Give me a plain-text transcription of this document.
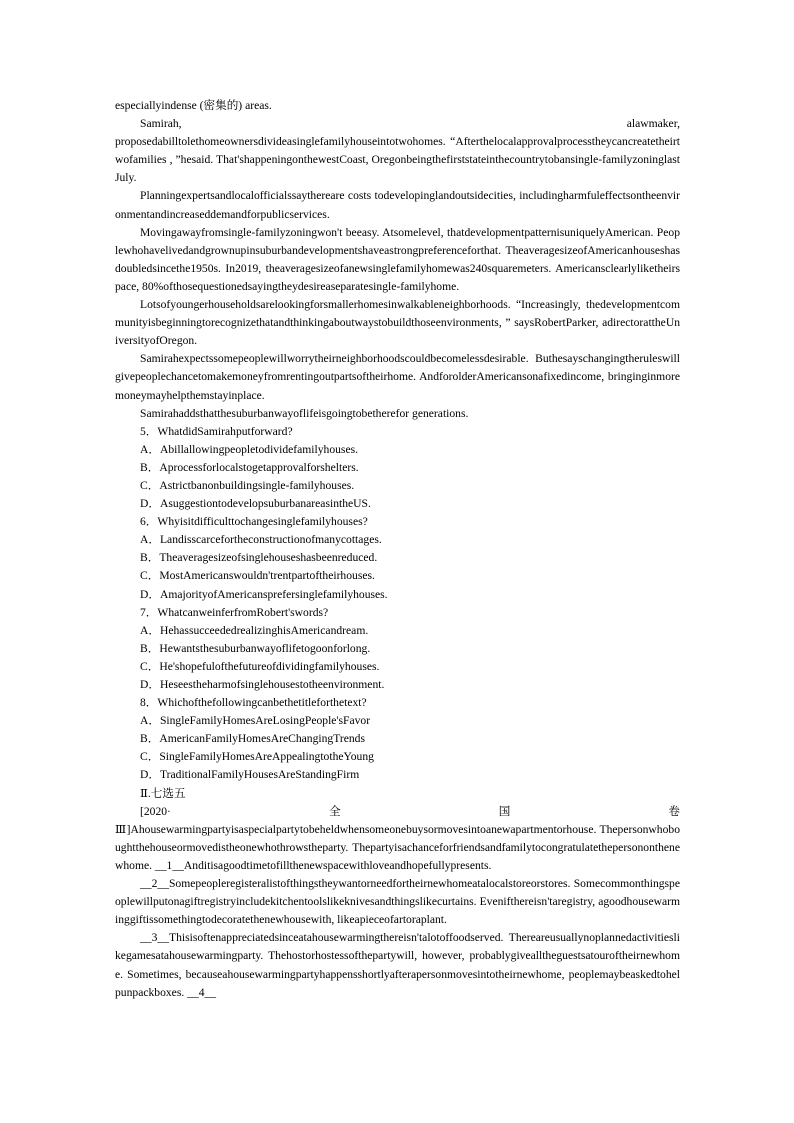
especiallyindense (密集的) areas.

Samirah,	alawmaker,

proposedabilltolethomeownersdivideasinglefamilyhouseintotwohomes. “Afterthelocalapprovalprocesstheycancreatetheirtwofamilies , ”hesaid. That'shappeningonthewestCoast, Oregonbeingthefirststateinthecountrytobansingle-familyzoninglastJuly.

Planningexpertsandlocalofficialssaythereare costs todevelopinglandoutsidecities, includingharmfuleffectsontheenvironmentandincreaseddemandforpublicservices.

Movingawayfromsingle-familyzoningwon't beeasy. Atsomelevel, thatdevelopmentpatternisuniquelyAmerican. Peoplewhohavelivedandgrownupinsuburbandevelopmentshaveastrongpreferenceforthat. TheaveragesizeofAmericanhouseshasdoubledsincethe1950s. In2019, theaveragesizeofanewsinglefamilyhomewas240squaremeters. Americansclearlyliketheirspace, 80%ofthosequestionedsayingtheydesireaseparatesingle-familyhome.

Lotsofyoungerhouseholdsarelookingforsmallerhomesinwalkableneighborhoods. “Increasingly, thedevelopmentcommunityisbeginningtorecognizethatandthinkingaboutwaystobuildthoseenvironments, ” saysRobertParker, adirectorattheUniversityofOregon.

Samirahexpectssomepeoplewillworrytheirneighborhoodscouldbecomelessdesirable. Buthesayschangingtheruleswillgivepeoplechancetomakemoneyfromrentingoutpartsoftheirhome. AndforolderAmericansonafixedincome, bringinginmoremoneymayhelpthemstayinplace.

Samirahaddsthatthesuburbanwayoflifeisgoingtobetherefor generations.

5．WhatdidSamirahputforward?

A．Abillallowingpeopletodividefamilyhouses.

B．Aprocessforlocalstogetapprovalforshelters.

C．Astrictbanonbuildingsingle-familyhouses.

D．AsuggestiontodevelopsuburbanareasintheUS.

6．Whyisitdifficulttochangesinglefamilyhouses?

A．Landisscarcefortheconstructionofmanycottages.

B．Theaveragesizeofsinglehouseshasbeenreduced.

C．MostAmericanswouldn'trentpartoftheirhouses.

D．AmajorityofAmericansprefersinglefamilyhouses.

7．WhatcanweinferfromRobert'swords?

A．HehassucceededrealizinghisAmericandream.

B．Hewantsthesuburbanwayoflifetogoonforlong.

C．He'shopefulofthefutureofdividingfamilyhouses.

D．Heseestheharmofsinglehousestotheenvironment.

8．Whichofthefollowingcanbethetitleforthetext?

A．SingleFamilyHomesAreLosingPeople'sFavor

B．AmericanFamilyHomesAreChangingTrends

C．SingleFamilyHomesAreAppealingtotheYoung

D．TraditionalFamilyHousesAreStandingFirm

Ⅱ.七选五

[2020·	全	国	卷

Ⅲ]Ahousewarmingpartyisaspecialpartytobeheldwhensomeonebuysormovesintoanewapartmentorhouse. Thepersonwhoboughtthehouseormovedistheonewhothrowstheparty. Thepartyisachanceforfriendsandfamilytocongratulatethepersononthenewhome. __1__Anditisagoodtimetofillthenewspacewithloveandhopefullypresents.

__2__Somepeopleregisteralistofthingstheywantorneedfortheirnewhomeatalocalstoreorstores. Somecommonthingspeoplewillputonagiftregistryincludekitchentoolslikeknivesandthingslikecurtains. Evenifthereisn'taregistry, agoodhousewarminggiftissomethingtodecoratethenewhousewith, likeapieceofartoraplant.

__3__Thisisoftenappreciatedsinceatahousewarmingthereisn'talotoffoodserved. Thereareusuallynoplannedactivitieslikegamesatahousewarmingparty. Thehostorhostessofthepartywill, however, probablygivealltheguestsatouroftheirnewhome. Sometimes, becauseahousewarmingpartyhappensshortlyafterapersonmovesintotheirnewhome, peoplemaybeaskedtohelpunpackboxes. __4__
